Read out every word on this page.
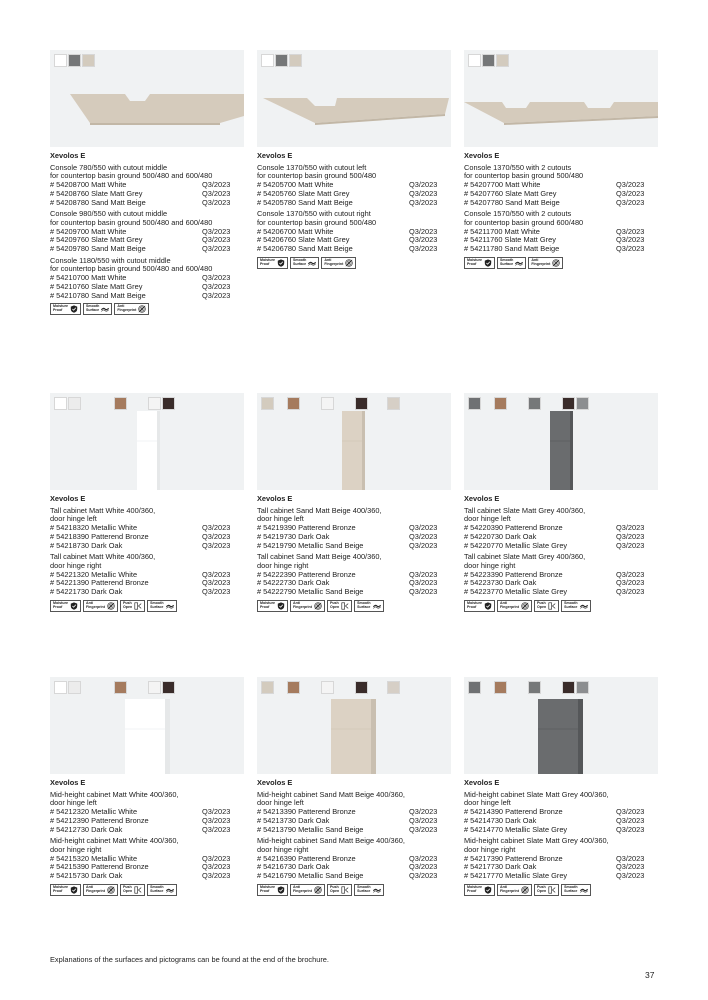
Xevolos E
Console 780/550 with cutout middle
for countertop basin ground 500/480 and 600/480
# 54208700 Matt White	Q3/2023
# 54208760 Slate Matt Grey	Q3/2023
# 54208780 Sand Matt Beige	Q3/2023
Console 980/550 with cutout middle
for countertop basin ground 500/480 and 600/480
# 54209700 Matt White	Q3/2023
# 54209760 Slate Matt Grey	Q3/2023
# 54209780 Sand Matt Beige	Q3/2023
Console 1180/550 with cutout middle
for countertop basin ground 500/480 and 600/480
# 54210700 Matt White	Q3/2023
# 54210760 Slate Matt Grey	Q3/2023
# 54210780 Sand Matt Beige	Q3/2023
Moisture
Proof
Smooth
Surface
Anti
Fingerprint
Xevolos E
Console 1370/550 with cutout left
for countertop basin ground 500/480
# 54205700 Matt White	Q3/2023
# 54205760 Slate Matt Grey	Q3/2023
# 54205780 Sand Matt Beige	Q3/2023
Console 1370/550 with cutout right
for countertop basin ground 500/480
# 54206700 Matt White	Q3/2023
# 54206760 Slate Matt Grey	Q3/2023
# 54206780 Sand Matt Beige	Q3/2023
Moisture
Proof
Smooth
Surface
Anti
Fingerprint
Xevolos E
Console 1370/550 with 2 cutouts
for countertop basin ground 500/480
# 54207700 Matt White	Q3/2023
# 54207760 Slate Matt Grey	Q3/2023
# 54207780 Sand Matt Beige	Q3/2023
Console 1570/550 with 2 cutouts
for countertop basin ground 600/480
# 54211700 Matt White	Q3/2023
# 54211760 Slate Matt Grey	Q3/2023
# 54211780 Sand Matt Beige	Q3/2023
Moisture
Proof
Smooth
Surface
Anti
Fingerprint
Xevolos E
Tall cabinet Matt White 400/360,
door hinge left
# 54218320 Metallic White	Q3/2023
# 54218390 Patterend Bronze	Q3/2023
# 54218730 Dark Oak	Q3/2023
Tall cabinet Matt White 400/360,
door hinge right
# 54221320 Metallic White	Q3/2023
# 54221390 Patterend Bronze	Q3/2023
# 54221730 Dark Oak	Q3/2023
Moisture
Proof
Anti
Fingerprint
Push
Open
Smooth
Surface
Xevolos E
Tall cabinet Sand Matt Beige 400/360,
door hinge left
# 54219390 Patterend Bronze	Q3/2023
# 54219730 Dark Oak	Q3/2023
# 54219790 Metallic Sand Beige	Q3/2023
Tall cabinet Sand Matt Beige 400/360,
door hinge right
# 54222390 Patterend Bronze	Q3/2023
# 54222730 Dark Oak	Q3/2023
# 54222790 Metallic Sand Beige	Q3/2023
Moisture
Proof
Anti
Fingerprint
Push
Open
Smooth
Surface
Xevolos E
Tall cabinet Slate Matt Grey 400/360,
door hinge left
# 54220390 Patterend Bronze	Q3/2023
# 54220730 Dark Oak	Q3/2023
# 54220770 Metallic Slate Grey	Q3/2023
Tall cabinet Slate Matt Grey 400/360,
door hinge right
# 54223390 Patterend Bronze	Q3/2023
# 54223730 Dark Oak	Q3/2023
# 54223770 Metallic Slate Grey	Q3/2023
Moisture
Proof
Anti
Fingerprint
Push
Open
Smooth
Surface
Xevolos E
Mid-height cabinet Matt White 400/360,
door hinge left
# 54212320 Metallic White	Q3/2023
# 54212390 Patterend Bronze	Q3/2023
# 54212730 Dark Oak	Q3/2023
Mid-height cabinet Matt White 400/360,
door hinge right
# 54215320 Metallic White	Q3/2023
# 54215390 Patterend Bronze	Q3/2023
# 54215730 Dark Oak	Q3/2023
Moisture
Proof
Anti
Fingerprint
Push
Open
Smooth
Surface
Xevolos E
Mid-height cabinet Sand Matt Beige 400/360,
door hinge left
# 54213390 Patterend Bronze	Q3/2023
# 54213730 Dark Oak	Q3/2023
# 54213790 Metallic Sand Beige	Q3/2023
Mid-height cabinet Sand Matt Beige 400/360,
door hinge right
# 54216390 Patterend Bronze	Q3/2023
# 54216730 Dark Oak	Q3/2023
# 54216790 Metallic Sand Beige	Q3/2023
Moisture
Proof
Anti
Fingerprint
Push
Open
Smooth
Surface
Xevolos E
Mid-height cabinet Slate Matt Grey 400/360,
door hinge left
# 54214390 Patterend Bronze	Q3/2023
# 54214730 Dark Oak	Q3/2023
# 54214770 Metallic Slate Grey	Q3/2023
Mid-height cabinet Slate Matt Grey 400/360,
door hinge right
# 54217390 Patterend Bronze	Q3/2023
# 54217730 Dark Oak	Q3/2023
# 54217770 Metallic Slate Grey	Q3/2023
Moisture
Proof
Anti
Fingerprint
Push
Open
Smooth
Surface
Explanations of the surfaces and pictograms can be found at the end of the brochure.
37
